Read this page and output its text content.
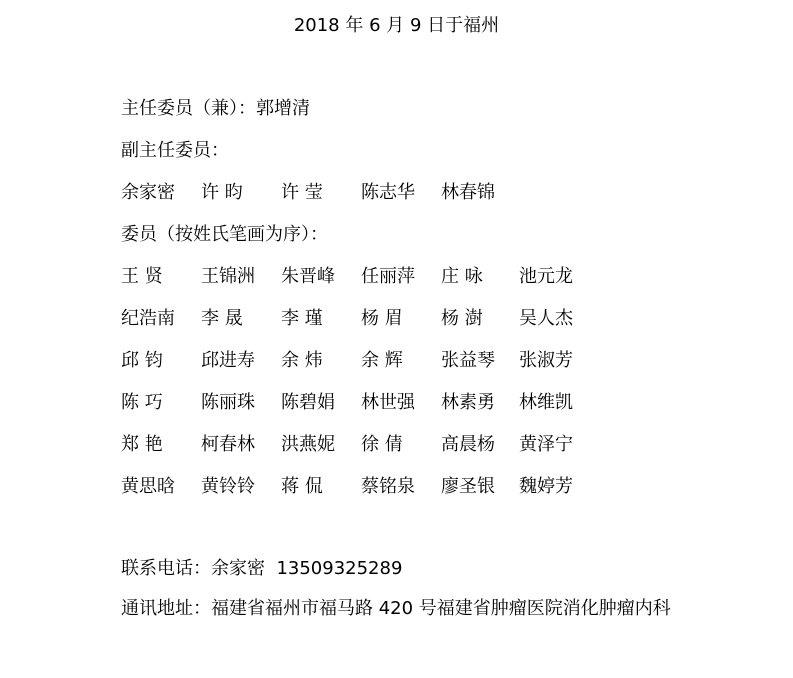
2018 年 6 月 9 日于福州
主任委员（兼）：郭增清
副主任委员：
余家密 许 昀 许 莹 陈志华 林春锦
委员（按姓氏笔画为序）：
王 贤 王锦洲 朱晋峰 任丽萍 庄 咏 池元龙
纪浩南 李 晟 李 瑾 杨 眉 杨 澍 吴人杰
邱 钧 邱进寿 余 炜 余 辉 张益琴 张淑芳
陈 巧 陈丽珠 陈碧娟 林世强 林素勇 林维凯
郑 艳 柯春林 洪燕妮 徐 倩 高晨杨 黄泽宁
黄思晗 黄铃铃 蒋 侃 蔡铭泉 廖圣银 魏婷芳
联系电话：余家密  13509325289
通讯地址：福建省福州市福马路 420 号福建省肿瘤医院消化肿瘤内科
